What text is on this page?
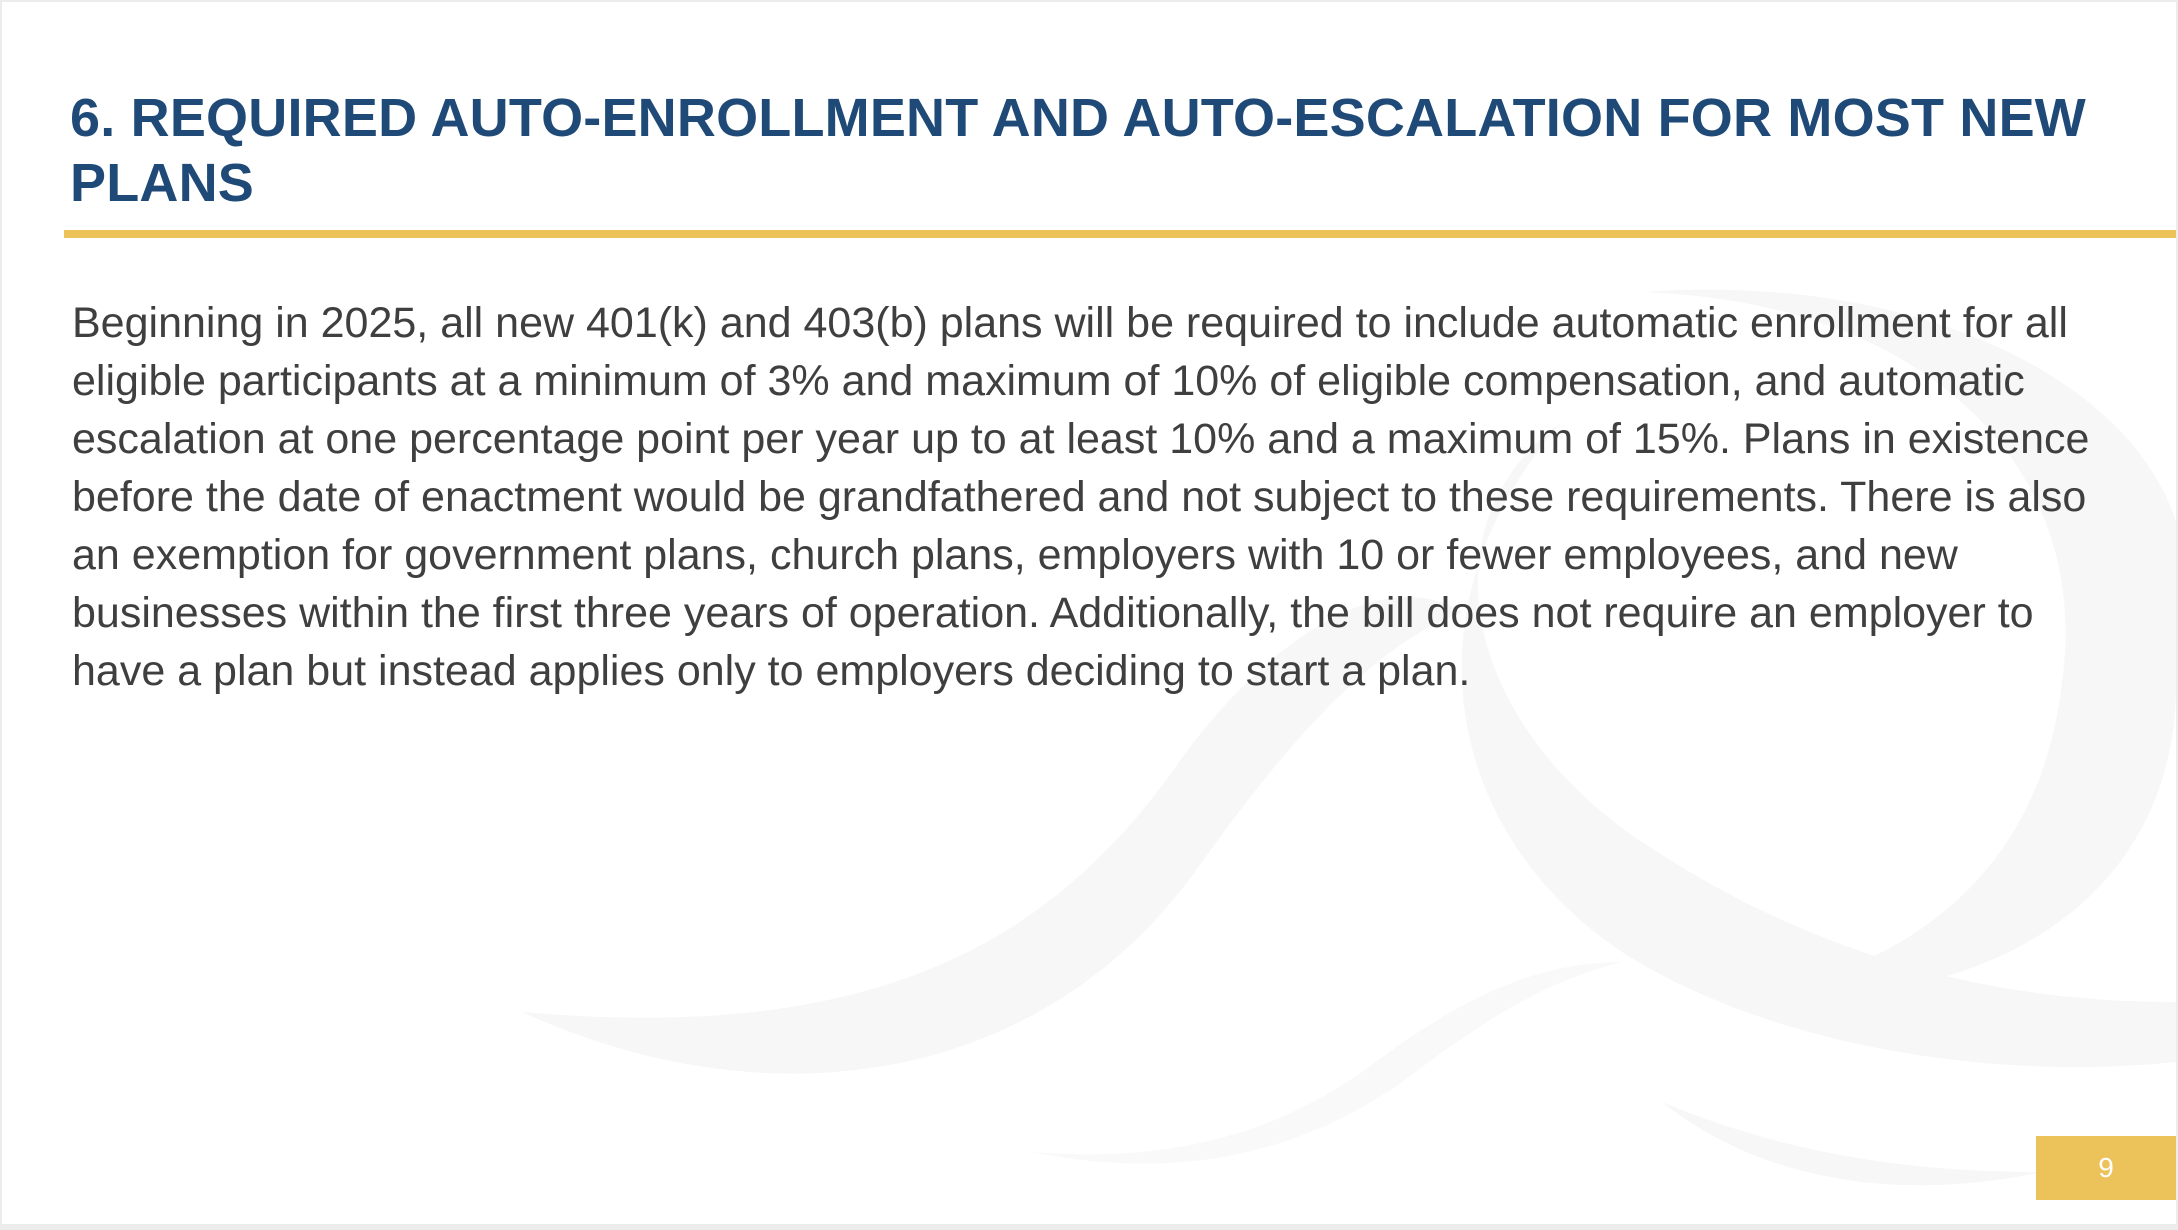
6. REQUIRED AUTO-ENROLLMENT AND AUTO-ESCALATION FOR MOST NEW PLANS

Beginning in 2025, all new 401(k) and 403(b) plans will be required to include automatic enrollment for all eligible participants at a minimum of 3% and maximum of 10% of eligible compensation, and automatic escalation at one percentage point per year up to at least 10% and a maximum of 15%. Plans in existence before the date of enactment would be grandfathered and not subject to these requirements. There is also an exemption for government plans, church plans, employers with 10 or fewer employees, and new businesses within the first three years of operation. Additionally, the bill does not require an employer to have a plan but instead applies only to employers deciding to start a plan.

9
